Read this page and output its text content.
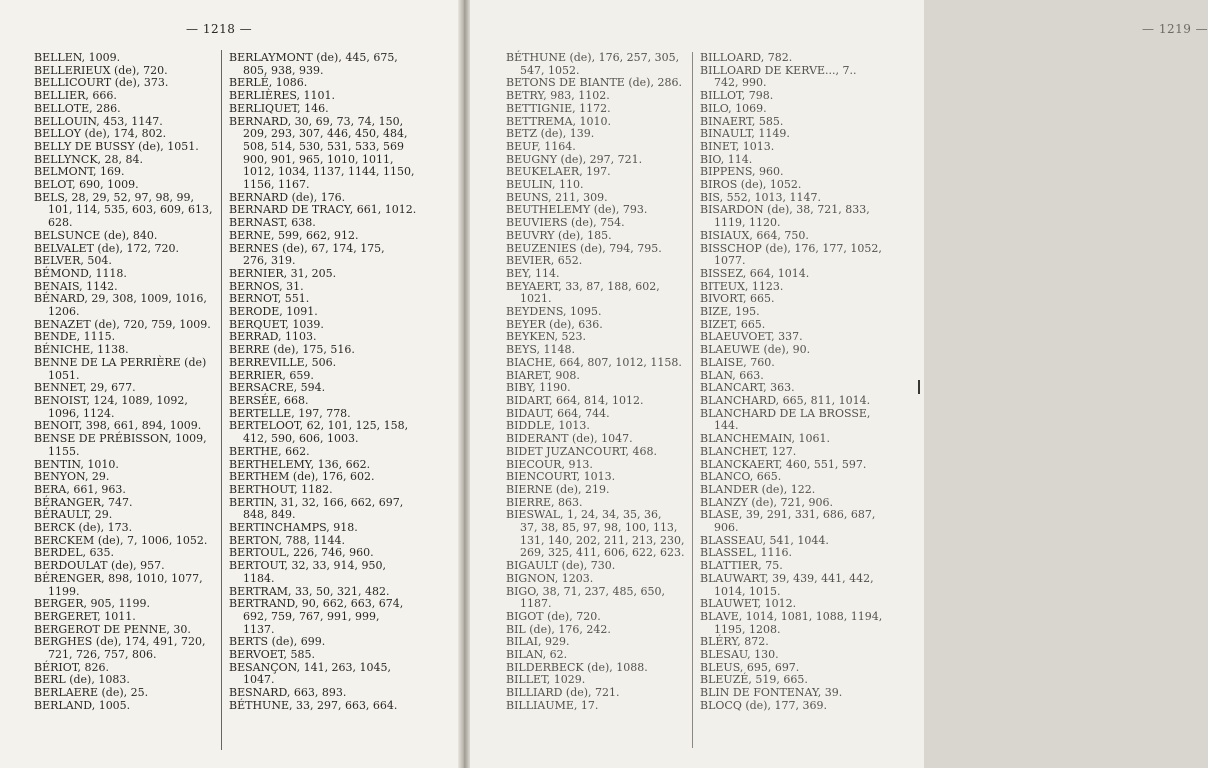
— 1218 —
BELLEN, 1009.
BELLERIEUX (de), 720.
BELLICOURT (de), 373.
BELLIER, 666.
BELLOTE, 286.
BELLOUIN, 453, 1147.
BELLOY (de), 174, 802.
BELLY DE BUSSY (de), 1051.
BELLYNCK, 28, 84.
BELMONT, 169.
BELOT, 690, 1009.
BELS, 28, 29, 52, 97, 98, 99,
101, 114, 535, 603, 609, 613,
628.
BELSUNCE (de), 840.
BELVALET (de), 172, 720.
BELVER, 504.
BÉMOND, 1118.
BENAIS, 1142.
BÉNARD, 29, 308, 1009, 1016,
1206.
BENAZET (de), 720, 759, 1009.
BENDE, 1115.
BÉNICHE, 1138.
BENNE DE LA PERRIÈRE (de)
1051.
BENNET, 29, 677.
BENOIST, 124, 1089, 1092,
1096, 1124.
BENOIT, 398, 661, 894, 1009.
BENSE DE PRÉBISSON, 1009,
1155.
BENTIN, 1010.
BENYON, 29.
BERA, 661, 963.
BÉRANGER, 747.
BÉRAULT, 29.
BERCK (de), 173.
BERCKEM (de), 7, 1006, 1052.
BERDEL, 635.
BERDOULAT (de), 957.
BÉRENGER, 898, 1010, 1077,
1199.
BERGER, 905, 1199.
BERGERET, 1011.
BERGEROT DE PENNE, 30.
BERGHES (de), 174, 491, 720,
721, 726, 757, 806.
BÉRIOT, 826.
BERL (de), 1083.
BERLAERE (de), 25.
BERLAND, 1005.
BERLAYMONT (de), 445, 675,
805, 938, 939.
BERLÉ, 1086.
BERLIÈRES, 1101.
BERLIQUET, 146.
BERNARD, 30, 69, 73, 74, 150,
209, 293, 307, 446, 450, 484,
508, 514, 530, 531, 533, 569
900, 901, 965, 1010, 1011,
1012, 1034, 1137, 1144, 1150,
1156, 1167.
BERNARD (de), 176.
BERNARD DE TRACY, 661, 1012.
BERNAST, 638.
BERNE, 599, 662, 912.
BERNES (de), 67, 174, 175,
276, 319.
BERNIER, 31, 205.
BERNOS, 31.
BERNOT, 551.
BERODE, 1091.
BERQUET, 1039.
BERRAD, 1103.
BERRE (de), 175, 516.
BERREVILLE, 506.
BERRIER, 659.
BERSACRE, 594.
BERSÉE, 668.
BERTELLE, 197, 778.
BERTELOOT, 62, 101, 125, 158,
412, 590, 606, 1003.
BERTHE, 662.
BERTHELEMY, 136, 662.
BERTHEM (de), 176, 602.
BERTHOUT, 1182.
BERTIN, 31, 32, 166, 662, 697,
848, 849.
BERTINCHAMPS, 918.
BERTON, 788, 1144.
BERTOUL, 226, 746, 960.
BERTOUT, 32, 33, 914, 950,
1184.
BERTRAM, 33, 50, 321, 482.
BERTRAND, 90, 662, 663, 674,
692, 759, 767, 991, 999,
1137.
BERTS (de), 699.
BERVOET, 585.
BESANÇON, 141, 263, 1045,
1047.
BESNARD, 663, 893.
BÉTHUNE, 33, 297, 663, 664.
— 1219 —
BÉTHUNE (de), 176, 257, 305,
547, 1052.
BETONS DE BIANTE (de), 286.
BETRY, 983, 1102.
BETTIGNIE, 1172.
BETTREMA, 1010.
BETZ (de), 139.
BEUF, 1164.
BEUGNY (de), 297, 721.
BEUKELAER, 197.
BEULIN, 110.
BEUNS, 211, 309.
BEUTHELEMY (de), 793.
BEUVIERS (de), 754.
BEUVRY (de), 185.
BEUZENIES (de), 794, 795.
BEVIER, 652.
BEY, 114.
BEYAERT, 33, 87, 188, 602,
1021.
BEYDENS, 1095.
BEYER (de), 636.
BEYKEN, 523.
BEYS, 1148.
BIACHE, 664, 807, 1012, 1158.
BIARET, 908.
BIBY, 1190.
BIDART, 664, 814, 1012.
BIDAUT, 664, 744.
BIDDLE, 1013.
BIDERANT (de), 1047.
BIDET JUZANCOURT, 468.
BIECOUR, 913.
BIENCOURT, 1013.
BIERNE (de), 219.
BIERRE, 863.
BIESWAL, 1, 24, 34, 35, 36,
37, 38, 85, 97, 98, 100, 113,
131, 140, 202, 211, 213, 230,
269, 325, 411, 606, 622, 623.
BIGAULT (de), 730.
BIGNON, 1203.
BIGO, 38, 71, 237, 485, 650,
1187.
BIGOT (de), 720.
BIL (de), 176, 242.
BILAI, 929.
BILAN, 62.
BILDERBECK (de), 1088.
BILLET, 1029.
BILLIARD (de), 721.
BILLIAUME, 17.
BILLOARD, 782.
BILLOARD DE KERVE..., 7..
742, 990.
BILLOT, 798.
BILO, 1069.
BINAERT, 585.
BINAULT, 1149.
BINET, 1013.
BIO, 114.
BIPPENS, 960.
BIROS (de), 1052.
BIS, 552, 1013, 1147.
BISARDON (de), 38, 721, 833,
1119, 1120.
BISIAUX, 664, 750.
BISSCHOP (de), 176, 177, 1052,
1077.
BISSEZ, 664, 1014.
BITEUX, 1123.
BIVORT, 665.
BIZE, 195.
BIZET, 665.
BLAEUVOET, 337.
BLAEUWE (de), 90.
BLAISE, 760.
BLAN, 663.
BLANCART, 363.
BLANCHARD, 665, 811, 1014.
BLANCHARD DE LA BROSSE,
144.
BLANCHEMAIN, 1061.
BLANCHET, 127.
BLANCKAERT, 460, 551, 597.
BLANCO, 665.
BLANDER (de), 122.
BLANZY (de), 721, 906.
BLASE, 39, 291, 331, 686, 687,
906.
BLASSEAU, 541, 1044.
BLASSEL, 1116.
BLATTIER, 75.
BLAUWART, 39, 439, 441, 442,
1014, 1015.
BLAUWET, 1012.
BLAVE, 1014, 1081, 1088, 1194,
1195, 1208.
BLÉRY, 872.
BLESAU, 130.
BLEUS, 695, 697.
BLEUZÉ, 519, 665.
BLIN DE FONTENAY, 39.
BLOCQ (de), 177, 369.
